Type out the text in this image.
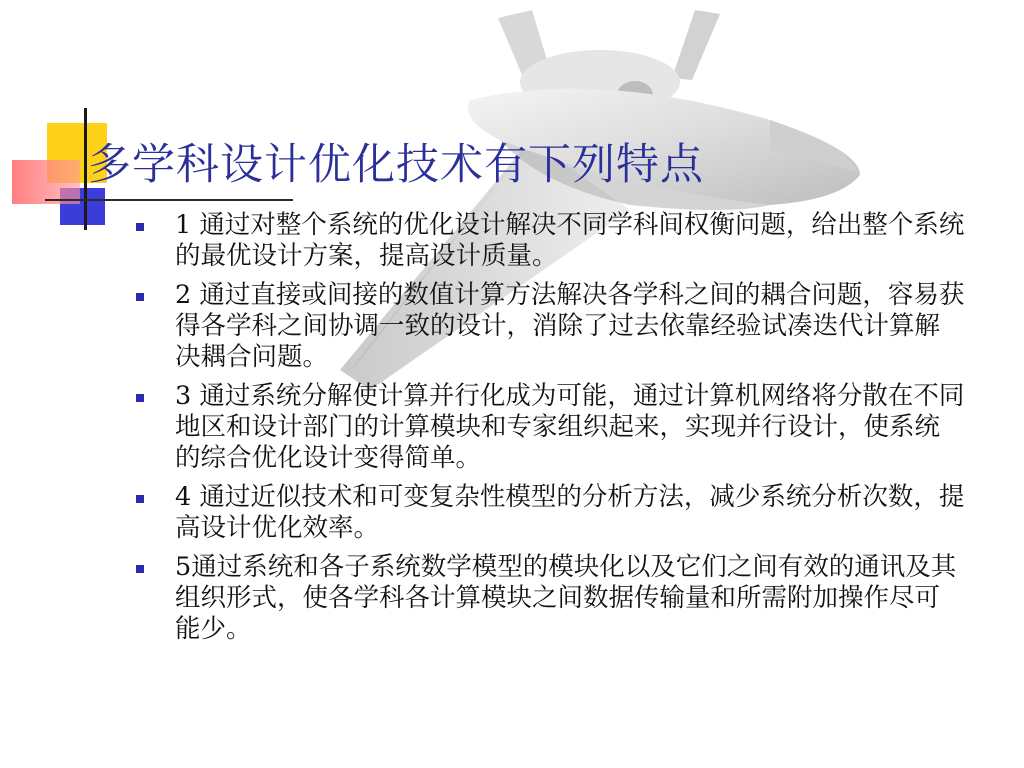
多学科设计优化技术有下列特点
1 通过对整个系统的优化设计解决不同学科间权衡问题，给出整个系统的最优设计方案，提高设计质量。
2 通过直接或间接的数值计算方法解决各学科之间的耦合问题，容易获得各学科之间协调一致的设计，消除了过去依靠经验试凑迭代计算解决耦合问题。
3 通过系统分解使计算并行化成为可能，通过计算机网络将分散在不同地区和设计部门的计算模块和专家组织起来，实现并行设计，使系统的综合优化设计变得简单。
4 通过近似技术和可变复杂性模型的分析方法，减少系统分析次数，提高设计优化效率。
5通过系统和各子系统数学模型的模块化以及它们之间有效的通讯及其组织形式，使各学科各计算模块之间数据传输量和所需附加操作尽可能少。
